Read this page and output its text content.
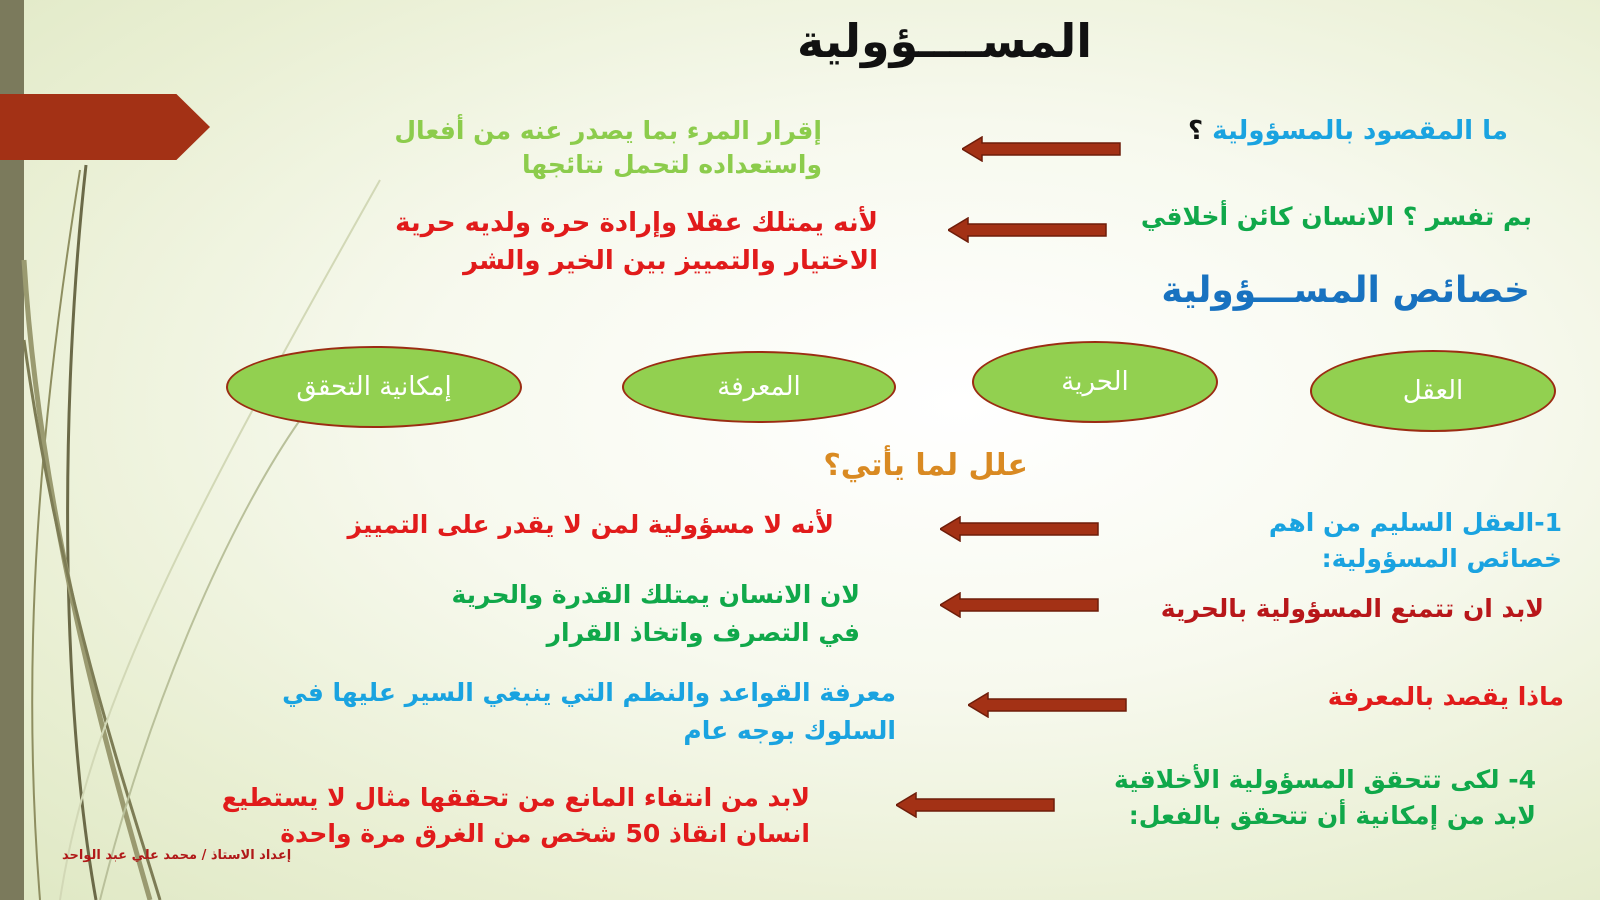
المســــؤولية
ما المقصود بالمسؤولية ؟
إقرار المرء بما يصدر عنه من أفعال
واستعداده لتحمل نتائجها
بم تفسر ؟ الانسان كائن أخلاقي
لأنه يمتلك عقلا وإرادة حرة ولديه حرية
الاختيار والتمييز بين الخير والشر
خصائص المســـؤولية
العقل
الحرية
المعرفة
إمكانية التحقق
علل لما يأتي؟
1-العقل السليم من اهم
خصائص المسؤولية:
لأنه لا مسؤولية لمن لا يقدر على التمييز
لابد ان تتمنع المسؤولية بالحرية
لان الانسان يمتلك القدرة والحرية
في التصرف واتخاذ القرار
ماذا يقصد بالمعرفة
معرفة القواعد والنظم التي ينبغي السير عليها في
السلوك بوجه عام
4- لكى تتحقق المسؤولية الأخلاقية
لابد من إمكانية أن تتحقق بالفعل:
لابد من انتفاء المانع من تحققها مثال لا يستطيع
انسان انقاذ 50 شخص من الغرق مرة واحدة
إعداد الاستاذ / محمد علي عبد الواحد
